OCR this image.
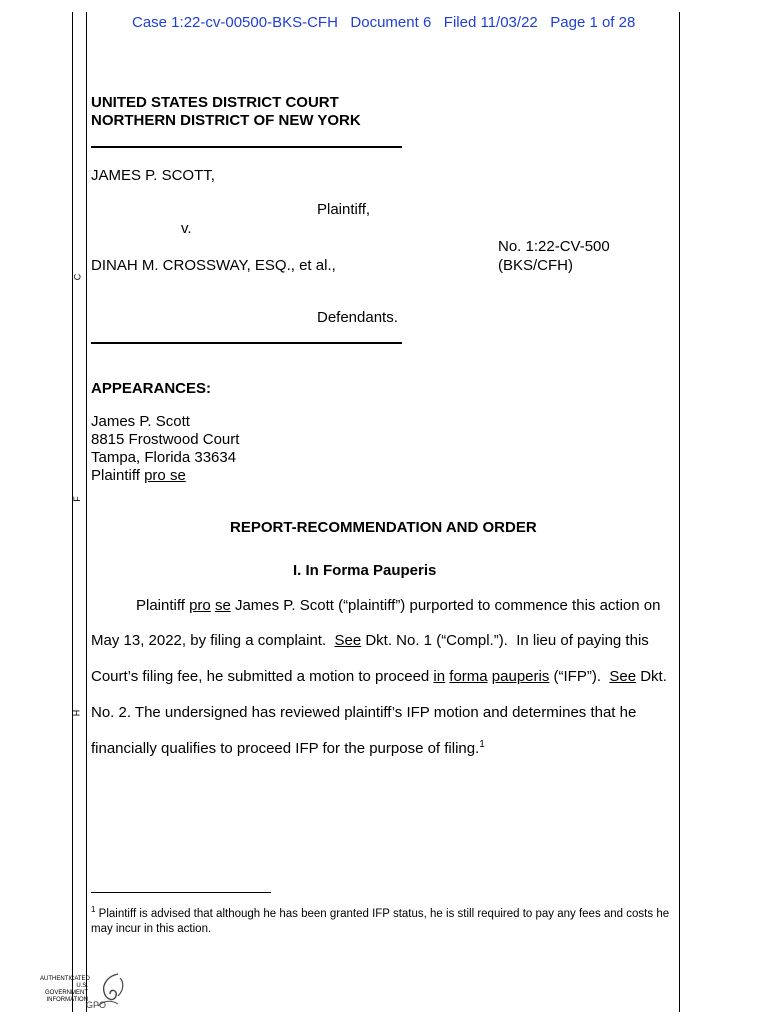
C
F
H
Case 1:22-cv-00500-BKS-CFH   Document 6   Filed 11/03/22   Page 1 of 28
UNITED STATES DISTRICT COURT
NORTHERN DISTRICT OF NEW YORK
JAMES P. SCOTT,
Plaintiff,
v.
DINAH M. CROSSWAY, ESQ., et al.,
No. 1:22-CV-500
(BKS/CFH)
Defendants.
APPEARANCES:
James P. Scott
8815 Frostwood Court
Tampa, Florida 33634
Plaintiff pro se
REPORT-RECOMMENDATION AND ORDER
I. In Forma Pauperis
Plaintiff pro se James P. Scott (“plaintiff”) purported to commence this action on
May 13, 2022, by filing a complaint.  See Dkt. No. 1 (“Compl.”).  In lieu of paying this
Court’s filing fee, he submitted a motion to proceed in forma pauperis (“IFP”).  See Dkt.
No. 2. The undersigned has reviewed plaintiff’s IFP motion and determines that he
financially qualifies to proceed IFP for the purpose of filing.$^1$
$^1$ Plaintiff is advised that although he has been granted IFP status, he is still required to pay any fees and costs he may incur in this action.
AUTHENTICATED
U.S. GOVERNMENT
INFORMATION
GPO
